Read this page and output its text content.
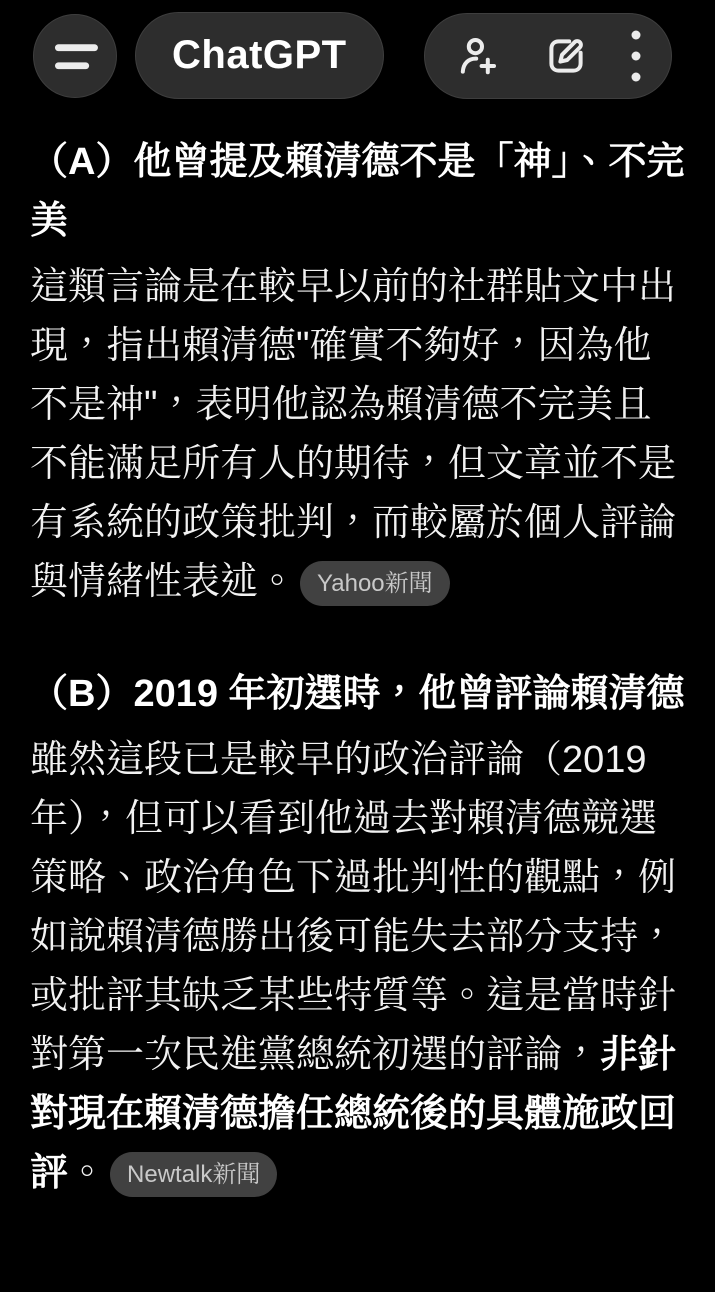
ChatGPT
（A）他曾提及賴清德不是「神」、不完美

這類言論是在較早以前的社群貼文中出現，指出賴清德"確實不夠好，因為他不是神"，表明他認為賴清德不完美且不能滿足所有人的期待，但文章並不是有系統的政策批判，而較屬於個人評論與情緒性表述。 Yahoo新聞

（B）2019 年初選時，他曾評論賴清德

雖然這段已是較早的政治評論（2019 年），但可以看到他過去對賴清德競選策略、政治角色下過批判性的觀點，例如說賴清德勝出後可能失去部分支持，或批評其缺乏某些特質等。這是當時針對第一次民進黨總統初選的評論，非針對現在賴清德擔任總統後的具體施政回評。 Newtalk新聞
